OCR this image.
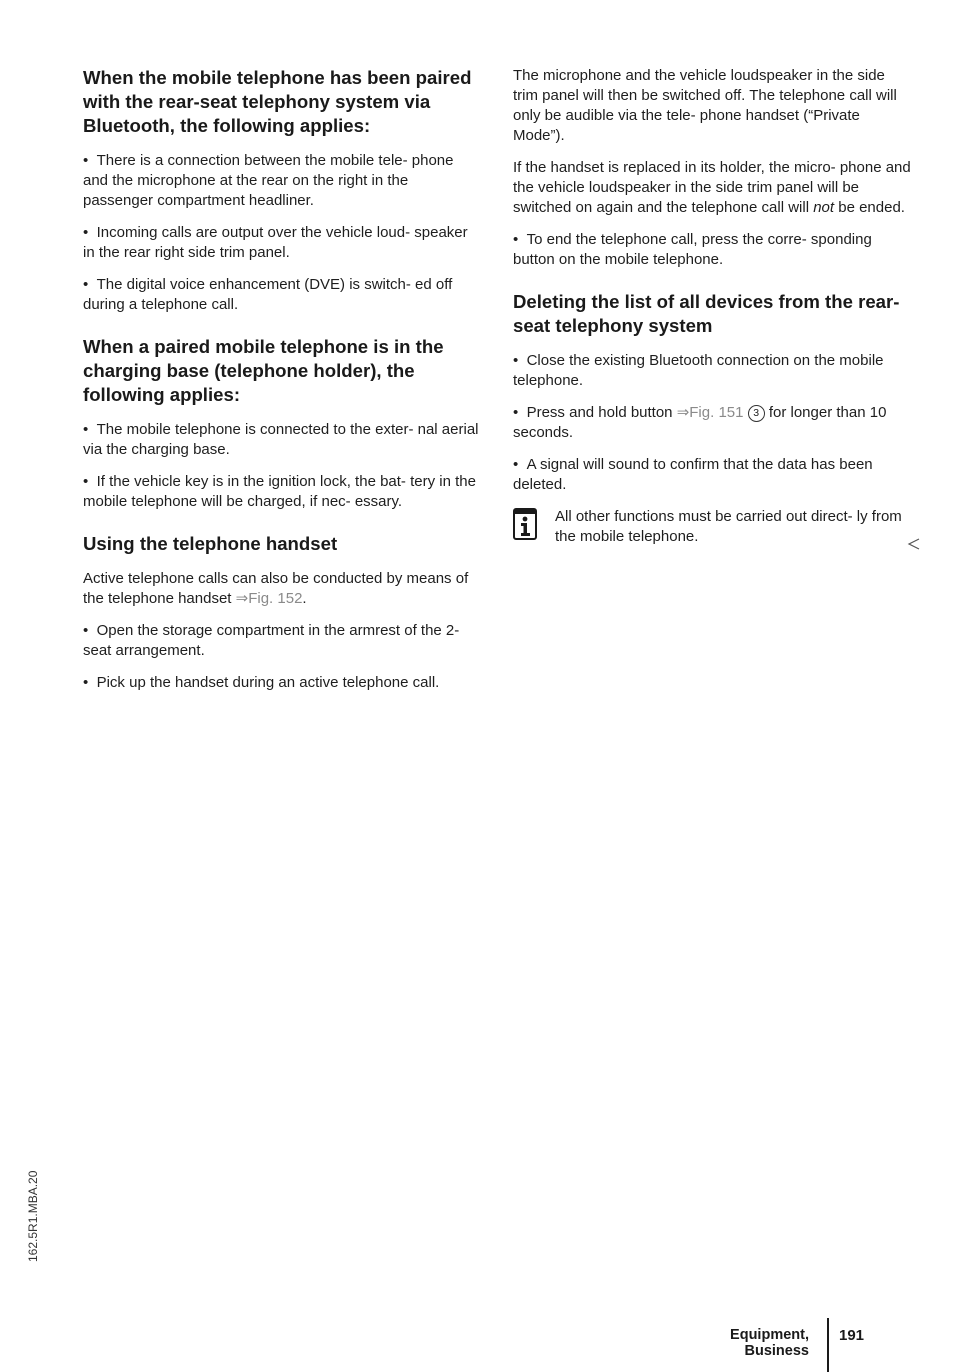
When the mobile telephone has been paired with the rear-seat telephony system via Bluetooth, the following applies:

•  There is a connection between the mobile tele- phone and the microphone at the rear on the right in the passenger compartment headliner.

•  Incoming calls are output over the vehicle loud- speaker in the rear right side trim panel.

•  The digital voice enhancement (DVE) is switch- ed off during a telephone call.

When a paired mobile telephone is in the charging base (telephone holder), the following applies:

•  The mobile telephone is connected to the exter- nal aerial via the charging base.

•  If the vehicle key is in the ignition lock, the bat- tery in the mobile telephone will be charged, if nec- essary.

Using the telephone handset

Active telephone calls can also be conducted by means of the telephone handset ⇒Fig. 152.

•  Open the storage compartment in the armrest of the 2-seat arrangement.

•  Pick up the handset during an active telephone call.

The microphone and the vehicle loudspeaker in the side trim panel will then be switched off. The telephone call will only be audible via the tele- phone handset (“Private Mode”).

If the handset is replaced in its holder, the micro- phone and the vehicle loudspeaker in the side trim panel will be switched on again and the telephone call will not be ended.

•  To end the telephone call, press the corre- sponding button on the mobile telephone.

Deleting the list of all devices from the rear- seat telephony system

•  Close the existing Bluetooth connection on the mobile telephone.

•  Press and hold button ⇒Fig. 151 3 for longer than 10 seconds.

•  A signal will sound to confirm that the data has been deleted.

All other functions must be carried out direct- ly from the mobile telephone.
162.5R1.MBA.20
Equipment, Business
191
